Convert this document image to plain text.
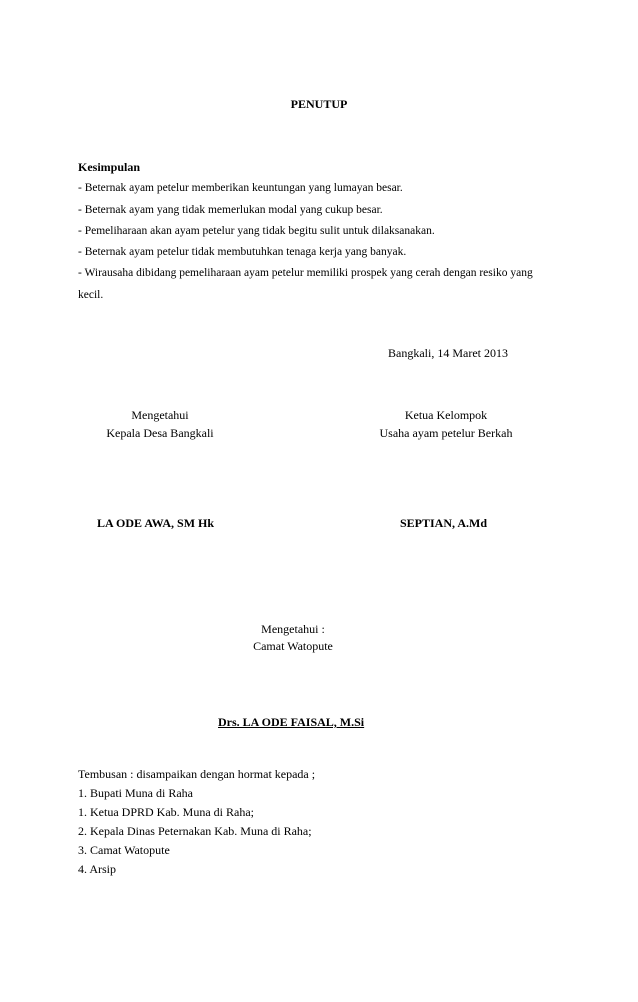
PENUTUP
Kesimpulan
- Beternak ayam petelur memberikan keuntungan yang lumayan besar.
- Beternak ayam yang tidak memerlukan modal yang cukup besar.
- Pemeliharaan akan ayam petelur yang tidak begitu sulit untuk dilaksanakan.
- Beternak ayam petelur tidak membutuhkan tenaga kerja yang banyak.
- Wirausaha dibidang pemeliharaan ayam petelur memiliki prospek yang cerah dengan resiko yang
kecil.
Bangkali, 14 Maret 2013
Mengetahui
Kepala Desa Bangkali
LA ODE AWA, SM Hk
Ketua Kelompok
Usaha ayam petelur Berkah
SEPTIAN, A.Md
Mengetahui :
Camat Watopute
Drs. LA ODE FAISAL, M.Si
Tembusan : disampaikan dengan hormat kepada ;
1. Bupati Muna di Raha
1. Ketua DPRD Kab. Muna di Raha;
2. Kepala Dinas Peternakan Kab. Muna di Raha;
3. Camat Watopute
4. Arsip
